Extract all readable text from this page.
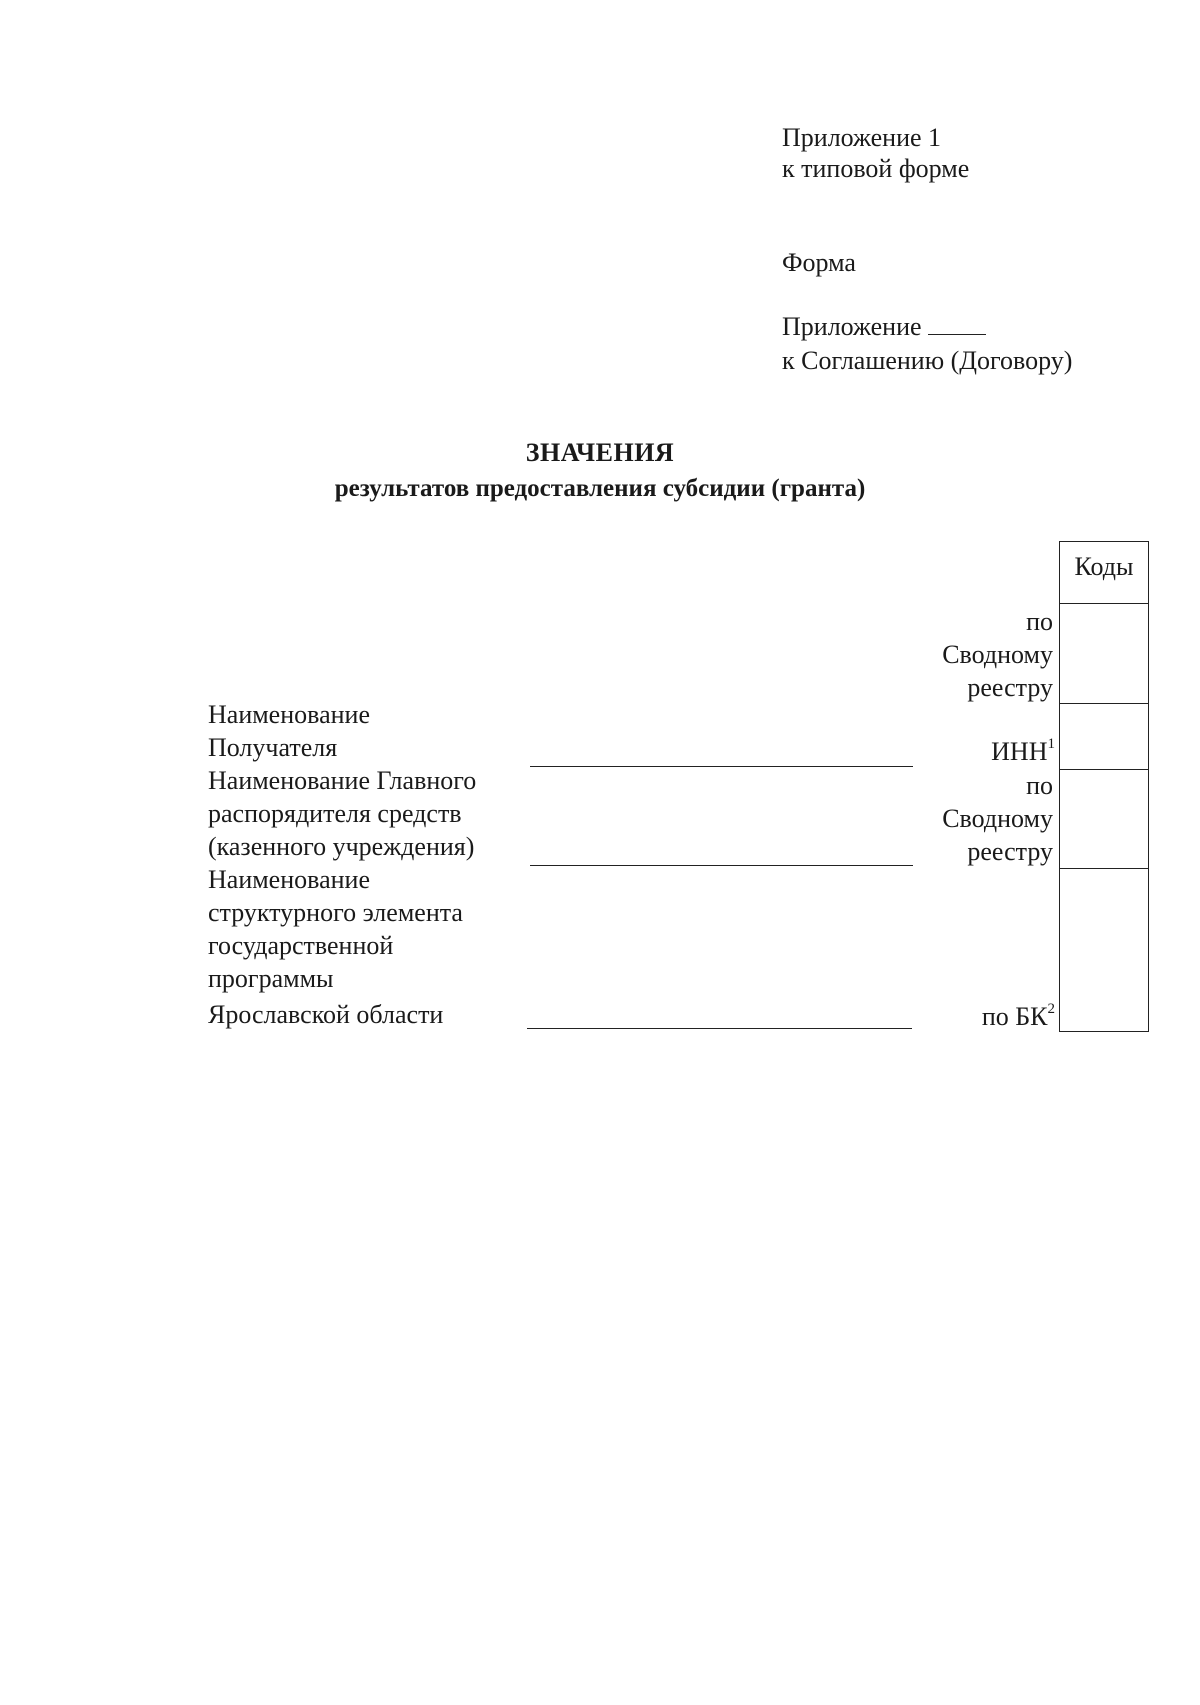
Приложение 1
к типовой форме
Форма
Приложение
к Соглашению (Договору)
ЗНАЧЕНИЯ
результатов предоставления субсидии (гранта)
Коды
по
Сводному
реестру
ИНН$^1$
по
Сводному
реестру
по $БК^2$
Наименование
Получателя
Наименование Главного
распорядителя средств
(казенного учреждения)
Наименование
структурного элемента
государственной
программы
Ярославской области
